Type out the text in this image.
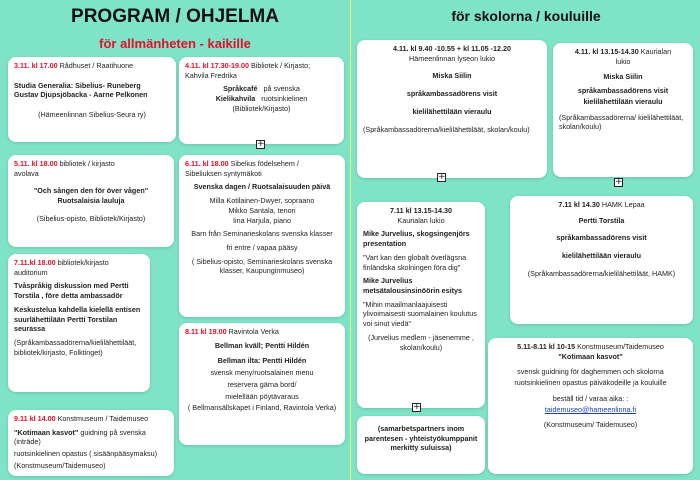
PROGRAM / OHJELMA
för allmänheten - kaikille
för skolorna / kouluille

3.11. kl 17.00 Rådhuset / Raatihuone

Studia Generalia: Sibelius- Runeberg

Gustav Djupsjöbacka - Aarne Pelkonen

(Hämeenlinnan Sibelius-Seura ry)

4.11. kl 17.30-19.00 Bibliotek / Kirjasto;
Kahvila Fredrika

Språkcafé på svenska

Kielikahvila ruotsinkielinen

(Bibliotek/Kirjasto)

+

5.11. kl 18.00 bibliotek / kirjasto
avolava

"Och sången den för över vågen"

Ruotsalaisia lauluja

(Sibelius-opisto, Bibliotek/Kirjasto)

6.11. kl 18.00 Sibelius födelsehem /
Sibeliuksen syntymäkoti

Svenska dagen / Ruotsalaisuuden päivä

Milla Kotilainen-Dwyer, sopraano

Mikko Santala, tenori

Iina Harjula, piano

Barn från Seminarieskolans svenska klasser

fri entre / vapaa pääsy

( Sibelius-opisto, Seminarieskolans svenska klasser, Kaupunginmuseo)

7.11.kl 18.00 bibliotek/kirjasto
auditorium

Tvåspråkig diskussion med Pertti Torstila , före detta ambassadör

Keskustelua kahdella kielellä entisen suurlähettilään Pertti Torstilan seurassa

(Språkambassadörerna/kielilähettiläät, bibliotek/kirjasto, Folktinget)

8.11 kl 19.00 Ravintola Verka

Bellman kväll; Pentti Hildén

Bellman ilta: Pentti Hildén

svensk meny/ruotsalainen menu

reservera gärna bord/

mielellään pöytävaraus

( Bellmansällskapet i Finland, Ravintola Verka)

9.11 kl 14.00 Konstmuseum / Taidemuseo

"Kotimaan kasvot" guidning på svenska (inträde)

ruotsinkielinen opastus ( sisäänpääsymaksu)

(Konstmuseum/Taidemuseo)

4.11. kl 9.40 -10.55 + kl 11.05 -12.20

Hämeenlinnan lyseon lukio

Miska Siilin

språkambassadörens visit

kielilähettilään vieraulu

(Språkambassadörerna/kielilähettiläät, skolan/koulu)

+

4.11. kl 13.15-14.30 Kaurialan
lukio

Miska Siilin

språkambassadörens visit

kielilähettilään vieraulu

(Språkambassadörerna/ kielilähettiläät, skolan/koulu)

+

7.11 kl 13.15-14.30
Kaurialan lukio

Mike Jurvelius, skogsingenjörs presentation

"Vart kan den globalt överlägsna finländska skolningen föra dig"

Mike Jurvelius metsätalousinsinöörin esitys

"Mihin maailmanlaajuisesti ylivoimaisesti suomalainen koulutus voi sinut viedä"

(Jurvelius medlem - jäsenemme , skolan/koulu)

+

7.11 kl 14.30 HAMK Lepaa

Pertti Torstila

språkambassadörens visit

kielilähettilään vieraulu

(Språkambassadörerna/kielilähettiläät, HAMK)

(samarbetspartners inom parentesen - yhteistyökumppanit merkitty suluissa)

5.11-8.11 kl 10-15 Konstmuseum/Taidemuseo

"Kotimaan kasvot"

svensk guidning för daghemmen och skolorna

ruotsinkielinen opastus päiväkodeille ja kouluille

beställ tid / varaa aika: :

taidemuseo@hameenlinna.fi

(Konstmuseum/ Taidemuseo)
